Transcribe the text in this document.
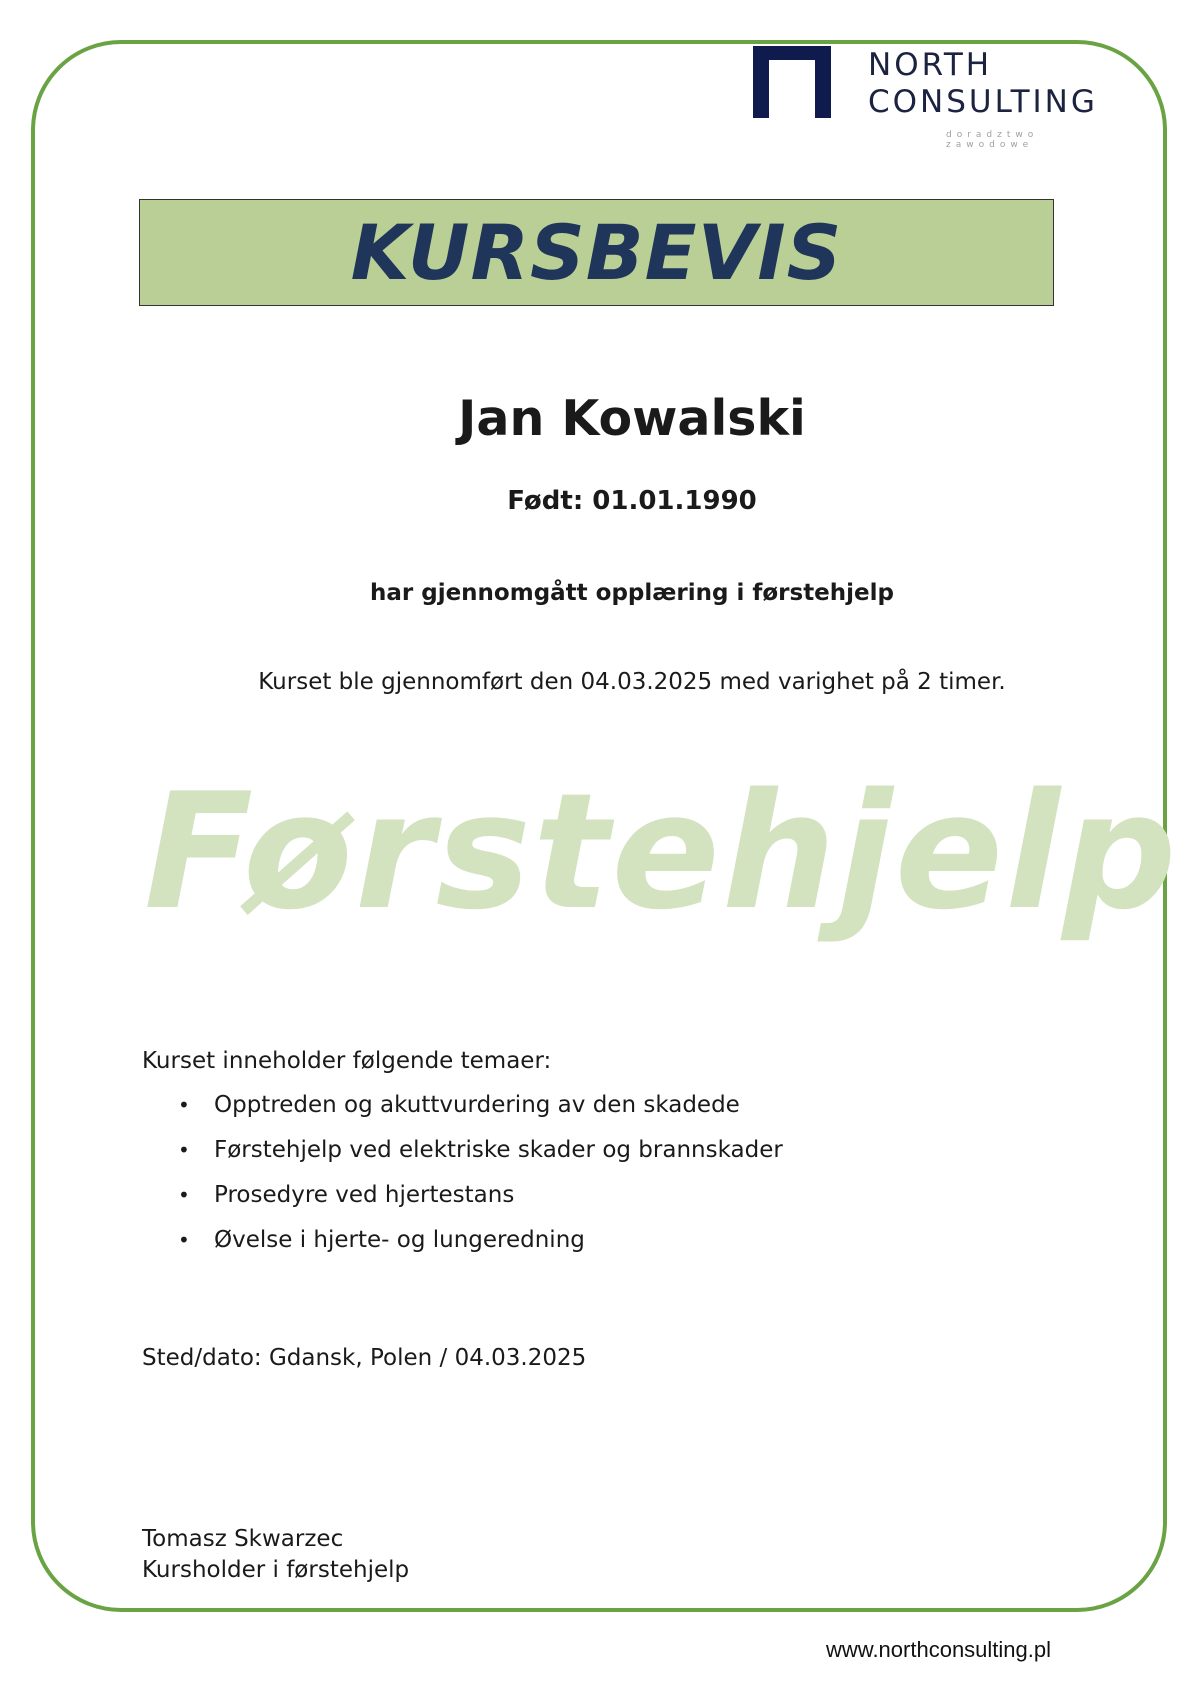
NORTH
CONSULTING
doradztwo zawodowe
KURSBEVIS
Jan Kowalski
Født: 01.01.1990
har gjennomgått opplæring i førstehjelp
Kurset ble gjennomført den 04.03.2025 med varighet på 2 timer.
Førstehjelp
Kurset inneholder følgende temaer:
• Opptreden og akuttvurdering av den skadede
• Førstehjelp ved elektriske skader og brannskader
• Prosedyre ved hjertestans
• Øvelse i hjerte- og lungeredning
Sted/dato: Gdansk, Polen / 04.03.2025
Tomasz Skwarzec
Kursholder i førstehjelp
www.northconsulting.pl
